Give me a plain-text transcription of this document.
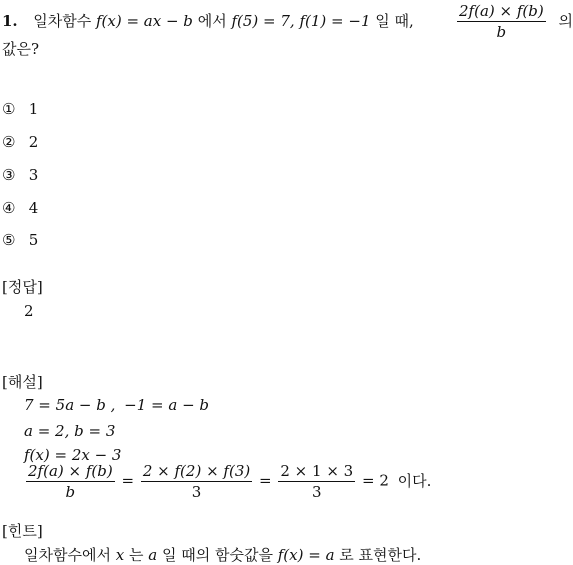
1. 일차함수 f(x) = ax − b 에서 f(5) = 7, f(1) = −1 일 때,	$\frac{2f(a) \times f(b)}{b}$ 의
값은?
① 1
② 2
③ 3
④ 4
⑤ 5
[정답]
2
[해설]
7 = 5a − b , −1 = a − b
a = 2, b = 3
f(x) = 2x − 3
$\frac{2f(a) \times f(b)}{b} = \frac{2 \times f(2) \times f(3)}{3} = \frac{2 \times 1 \times 3}{3} = 2$ 이다.
[힌트]
일차함수에서 x 는 a 일 때의 함숫값을 f(x) = a 로 표현한다.
